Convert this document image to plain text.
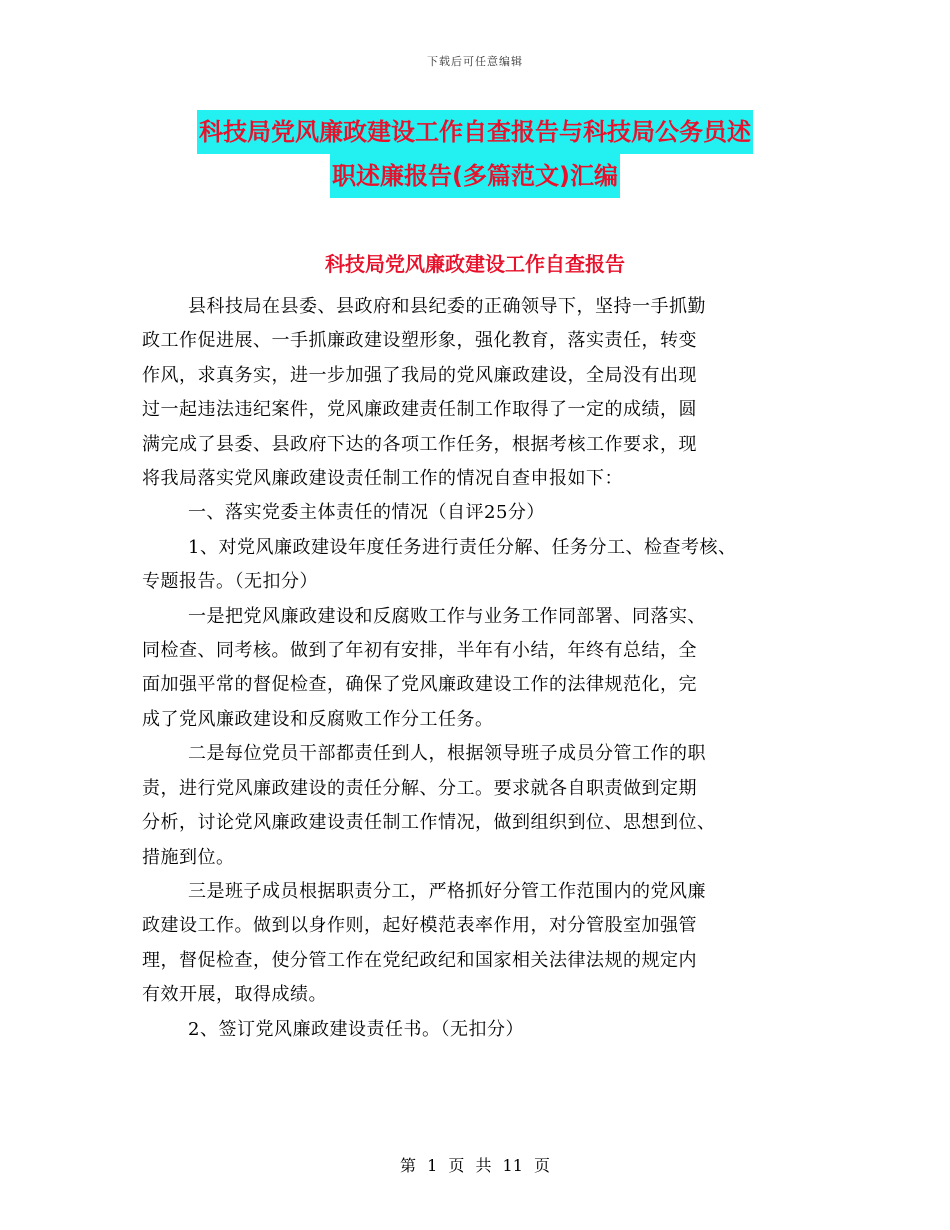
下载后可任意编辑
科技局党风廉政建设工作自查报告与科技局公务员述
职述廉报告(多篇范文)汇编
科技局党风廉政建设工作自查报告
县科技局在县委、县政府和县纪委的正确领导下，坚持一手抓勤
政工作促进展、一手抓廉政建设塑形象，强化教育，落实责任，转变
作风，求真务实，进一步加强了我局的党风廉政建设，全局没有出现
过一起违法违纪案件，党风廉政建责任制工作取得了一定的成绩，圆
满完成了县委、县政府下达的各项工作任务，根据考核工作要求，现
将我局落实党风廉政建设责任制工作的情况自查申报如下：
一、落实党委主体责任的情况（自评25分）
1、对党风廉政建设年度任务进行责任分解、任务分工、检查考核、
专题报告。（无扣分）
一是把党风廉政建设和反腐败工作与业务工作同部署、同落实、
同检查、同考核。做到了年初有安排，半年有小结，年终有总结，全
面加强平常的督促检查，确保了党风廉政建设工作的法律规范化，完
成了党风廉政建设和反腐败工作分工任务。
二是每位党员干部都责任到人，根据领导班子成员分管工作的职
责，进行党风廉政建设的责任分解、分工。要求就各自职责做到定期
分析，讨论党风廉政建设责任制工作情况，做到组织到位、思想到位、
措施到位。
三是班子成员根据职责分工，严格抓好分管工作范围内的党风廉
政建设工作。做到以身作则，起好模范表率作用，对分管股室加强管
理，督促检查，使分管工作在党纪政纪和国家相关法律法规的规定内
有效开展，取得成绩。
2、签订党风廉政建设责任书。（无扣分）
第 1 页 共 11 页
